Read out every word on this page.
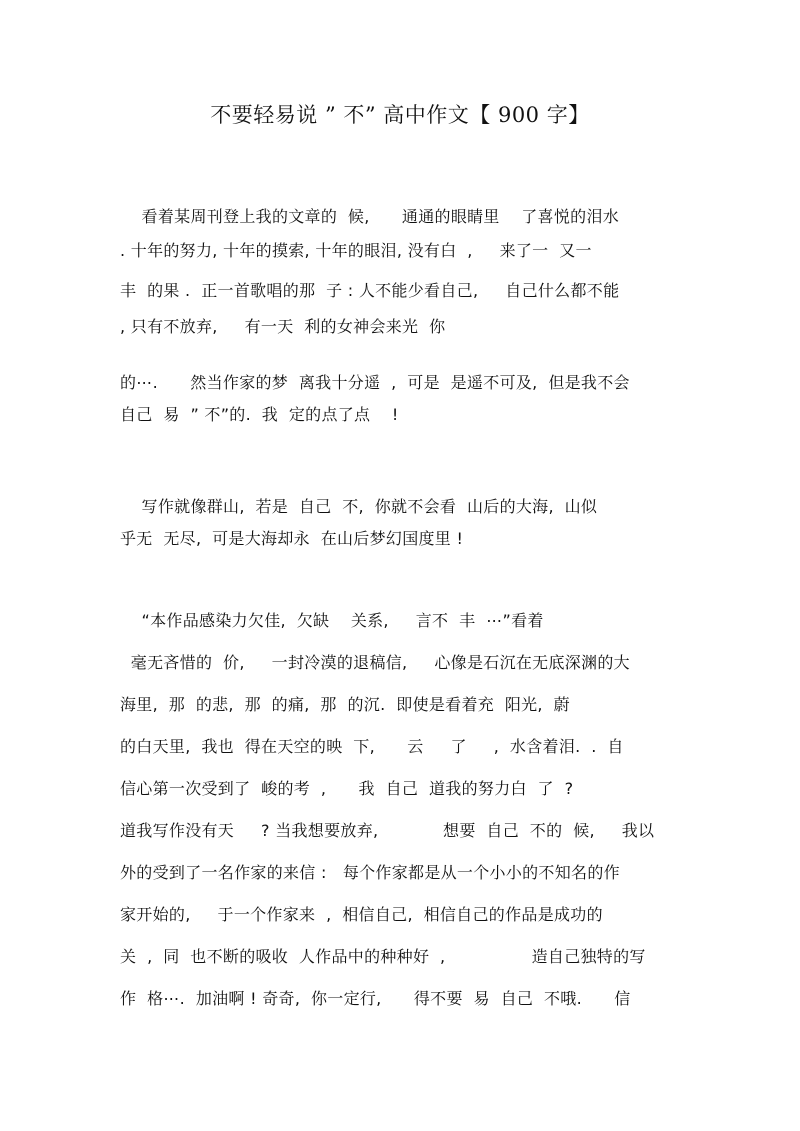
不要轻易说 ” 不” 高中作文【 900 字】
看着某周刊登上我的文章的  候,      通通的眼睛里    了喜悦的泪水
. 十年的努力, 十年的摸索, 十年的眼泪, 没有白  ,     来了一  又一
丰  的果 .  正一首歌唱的那  子 : 人不能少看自己,     自己什么都不能
, 只有不放弃,     有一天  利的女神会来光  你
的⋯.      然当作家的梦  离我十分遥  ,  可是  是遥不可及,  但是我不会
自己  易  ” 不”的.  我  定的点了点    !
写作就像群山,  若是  自己  不,  你就不会看  山后的大海,  山似
乎无  无尽,  可是大海却永  在山后梦幻国度里 !
“本作品感染力欠佳,  欠缺    关系,     言不  丰  ⋯”看着
毫无吝惜的  价,     一封冷漠的退稿信,     心像是石沉在无底深渊的大
海里,  那  的悲,  那  的痛,  那  的沉.  即使是看着充  阳光,  蔚
的白天里,  我也  得在天空的映  下,      云     了     ,  水含着泪.  .  自
信心第一次受到了  峻的考  ,      我  自己  道我的努力白  了  ?
道我写作没有天     ? 当我想要放弃,            想要  自己  不的  候,     我以
外的受到了一名作家的来信 :   每个作家都是从一个小小的不知名的作
家开始的,     于一个作家来  ,  相信自己,  相信自己的作品是成功的
关  ,  同  也不断的吸收  人作品中的种种好  ,                造自己独特的写
作  格⋯.  加油啊 ! 奇奇,  你一定行,      得不要  易  自己  不哦.      信
